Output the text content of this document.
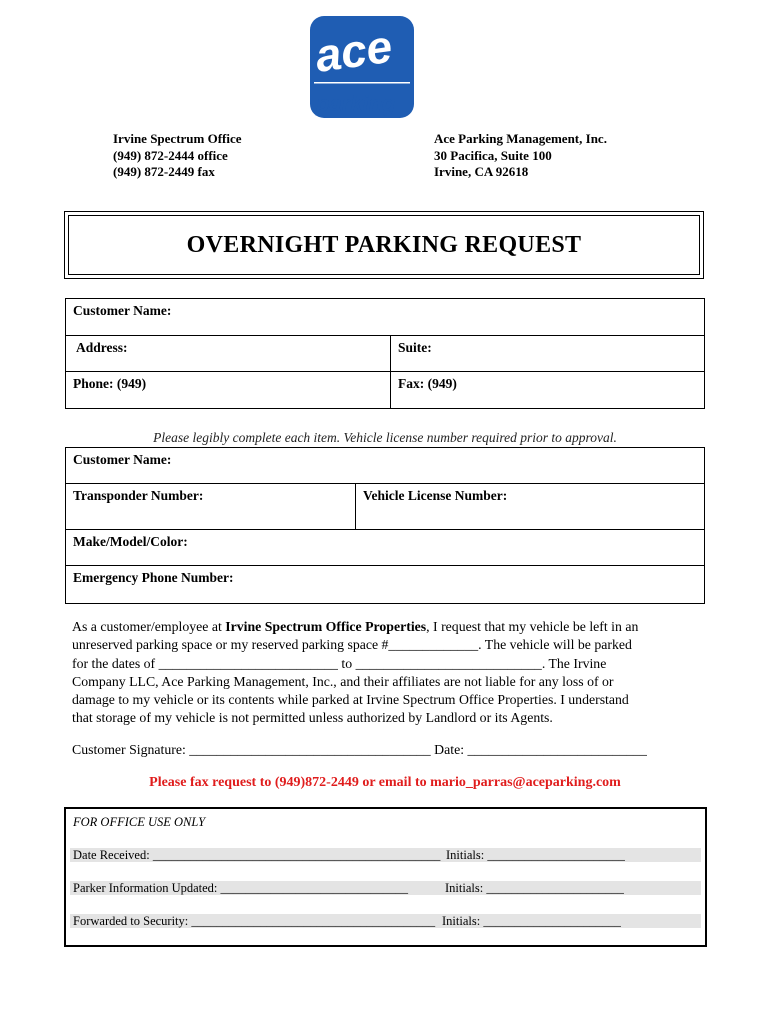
ace
parking
Irvine Spectrum Office
(949) 872-2444 office
(949) 872-2449 fax
Ace Parking Management, Inc.
30 Pacifica, Suite 100
Irvine, CA 92618
OVERNIGHT PARKING REQUEST
Customer Name:	
Address:	Suite:
Phone: (949)	Fax: (949)
Please legibly complete each item. Vehicle license number required prior to approval.
Customer Name:
Transponder Number:	Vehicle License Number:
Make/Model/Color:
Emergency Phone Number:
As a customer/employee at Irvine Spectrum Office Properties, I request that my vehicle be left in an
unreserved parking space or my reserved parking space #_____________. The vehicle will be parked
for the dates of __________________________ to ___________________________. The Irvine
Company LLC, Ace Parking Management, Inc., and their affiliates are not liable for any loss of or
damage to my vehicle or its contents while parked at Irvine Spectrum Office Properties. I understand
that storage of my vehicle is not permitted unless authorized by Landlord or its Agents.
Customer Signature: ___________________________________ Date: __________________________
Please fax request to (949)872-2449 or email to mario_parras@aceparking.com
FOR OFFICE USE ONLY
Date Received: ______________________________________________ Initials: ______________________
Parker Information Updated: ______________________________	Initials: ______________________
Forwarded to Security: _______________________________________ Initials: ______________________
